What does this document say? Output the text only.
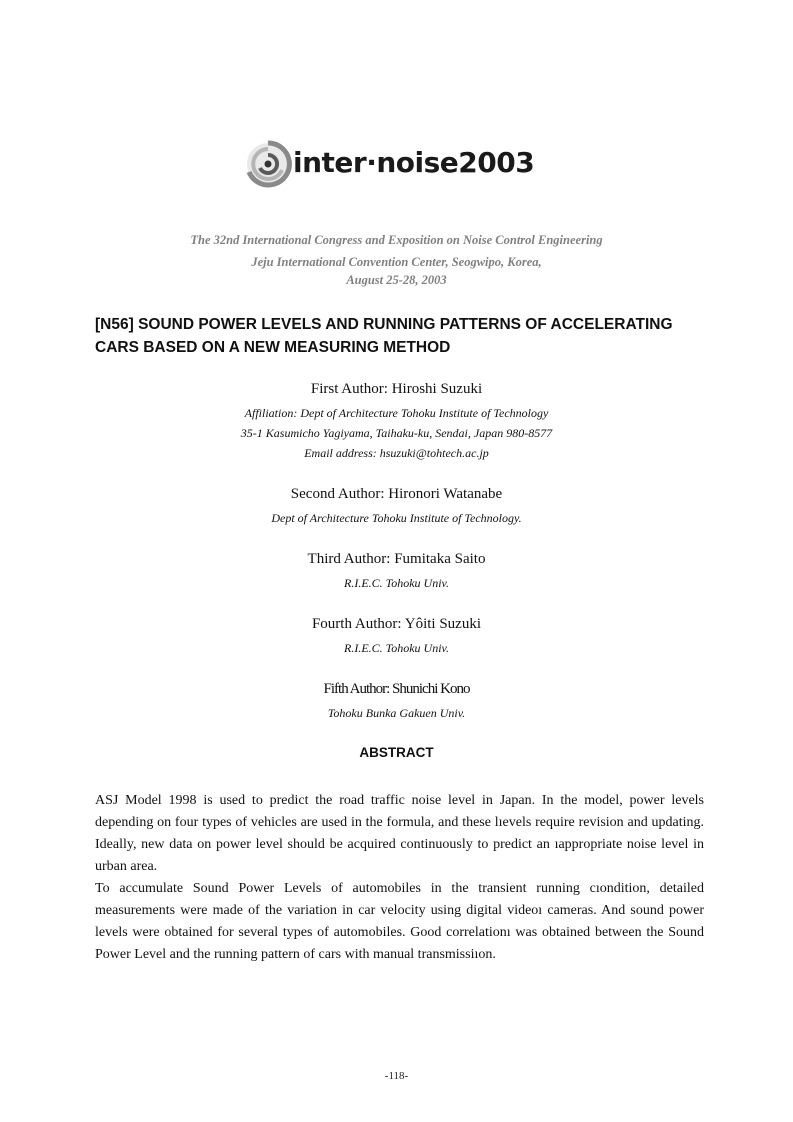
inter·noise2003
The 32nd International Congress and Exposition on Noise Control Engineering
Jeju International Convention Center, Seogwipo, Korea,
August 25-28, 2003
[N56] SOUND POWER LEVELS AND RUNNING PATTERNS OF ACCELERATING
CARS BASED ON A NEW MEASURING METHOD
First Author: Hiroshi Suzuki
Affiliation: Dept of Architecture Tohoku Institute of Technology
35-1 Kasumicho Yagiyama, Taihaku-ku, Sendai, Japan 980-8577
Email address: hsuzuki@tohtech.ac.jp
Second Author: Hironori Watanabe
Dept of Architecture Tohoku Institute of Technology.
Third Author: Fumitaka Saito
R.I.E.C. Tohoku Univ.
Fourth Author: Yôiti Suzuki
R.I.E.C. Tohoku Univ.
Fifth Author: Shunichi Kono
Tohoku Bunka Gakuen Univ.
ABSTRACT

ASJ Model 1998 is used to predict the road traffic noise level in Japan. In the model, power levels depending on four types of vehicles are used in the formula, and these lıevels require revision and updating. Ideally, new data on power level should be acquired continuously to predict an ıappropriate noise level in urban area.

To accumulate Sound Power Levels of automobiles in the transient running cıondition, detailed measurements were made of the variation in car velocity using digital videoı cameras. And sound power levels were obtained for several types of automobiles. Good correlationı was obtained between the Sound Power Level and the running pattern of cars with manual transmissiıon.

-118-
